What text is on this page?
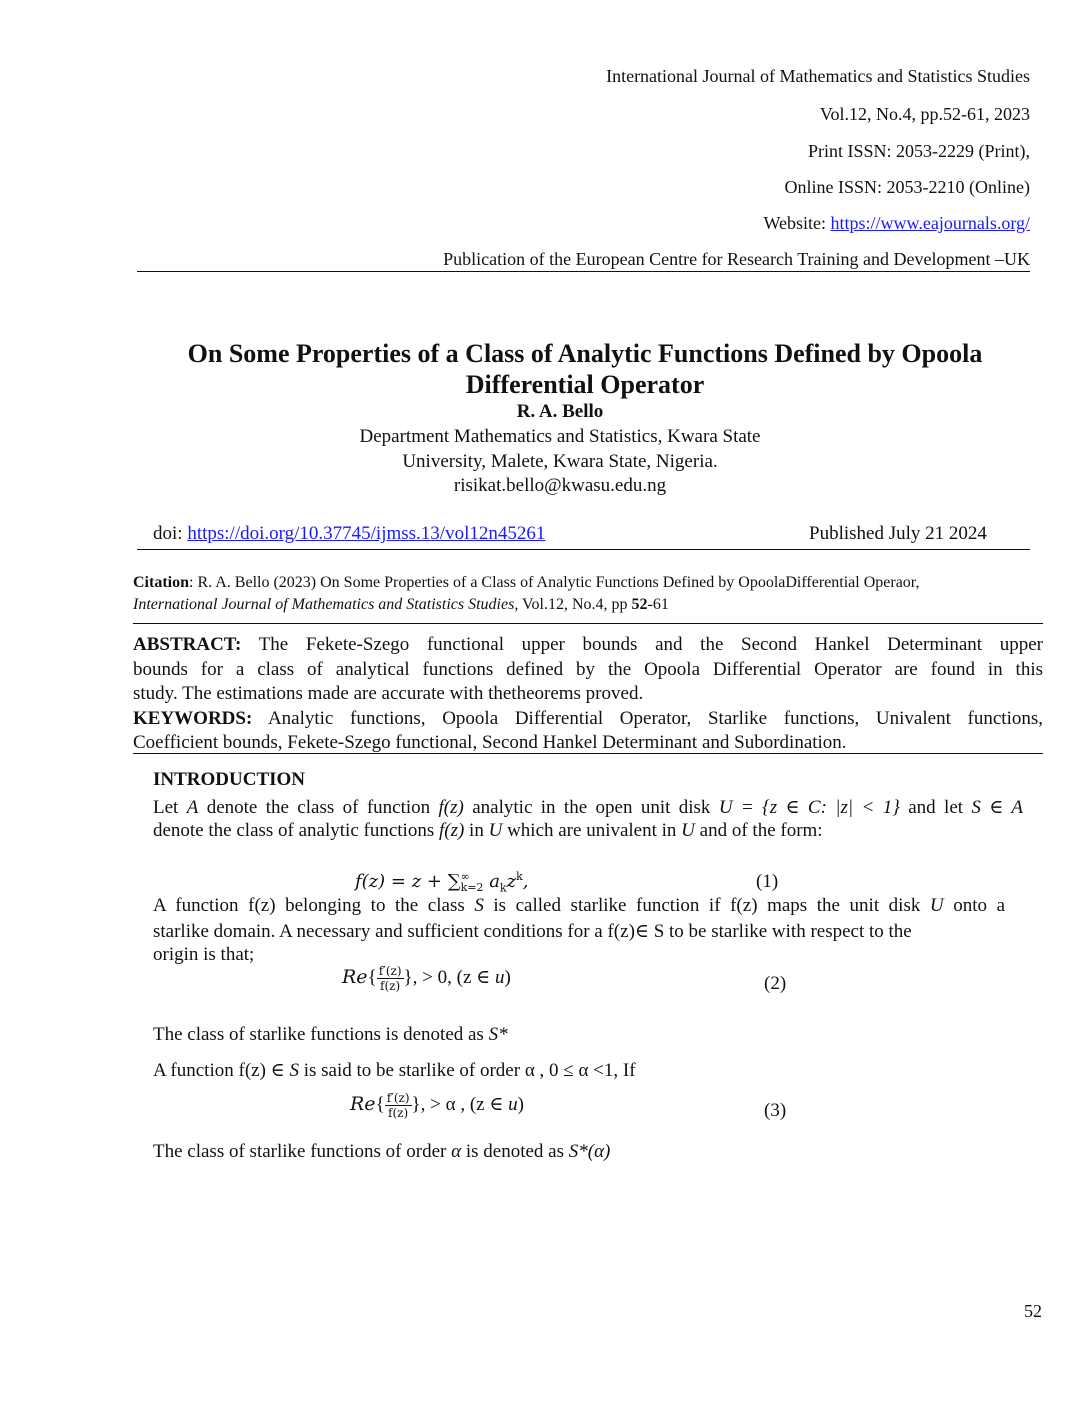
International Journal of Mathematics and Statistics Studies
Vol.12, No.4, pp.52-61, 2023
Print ISSN: 2053-2229 (Print),
Online ISSN: 2053-2210 (Online)
Website: https://www.eajournals.org/
Publication of the European Centre for Research Training and Development –UK
On Some Properties of a Class of Analytic Functions Defined by Opoola
Differential Operator
R. A. Bello
Department Mathematics and Statistics, Kwara State
University, Malete, Kwara State, Nigeria.
risikat.bello@kwasu.edu.ng
doi: https://doi.org/10.37745/ijmss.13/vol12n45261	Published July 21 2024
Citation: R. A. Bello (2023) On Some Properties of a Class of Analytic Functions Defined by OpoolaDifferential Operaor,
International Journal of Mathematics and Statistics Studies, Vol.12, No.4, pp 52-61
ABSTRACT: The Fekete-Szego functional upper bounds and the Second Hankel Determinant upper
bounds for a class of analytical functions defined by the Opoola Differential Operator are found in this
study. The estimations made are accurate with thetheorems proved.
KEYWORDS: Analytic functions, Opoola Differential Operator, Starlike functions, Univalent functions,
Coefficient bounds, Fekete-Szego functional, Second Hankel Determinant and Subordination.
INTRODUCTION
Let A denote the class of function f(z) analytic in the open unit disk U = {z ∈ C: |z| < 1} and let S ∈ A
denote the class of analytic functions f(z) in U which are univalent in U and of the form:
f(z) = z + ∑ ∞
k=2 $a_kz^k$,	(1)
A function f(z) belonging to the class S is called starlike function if f(z) maps the unit disk U onto a
starlike domain. A necessary and sufficient conditions for a f(z)∈ S to be starlike with respect to the
origin is that;
$Re\{ \frac{f'(z)}{f(z)}$ }, > 0, (z ∈ u)	(2)
The class of starlike functions is denoted as S*
A function f(z) ∈ S is said to be starlike of order α , 0 ≤ α <1, If
$Re\{ \frac{f'(z)}{f(z)}$ }, > α , (z ∈ u)	(3)
The class of starlike functions of order α is denoted as S*(α)
52
